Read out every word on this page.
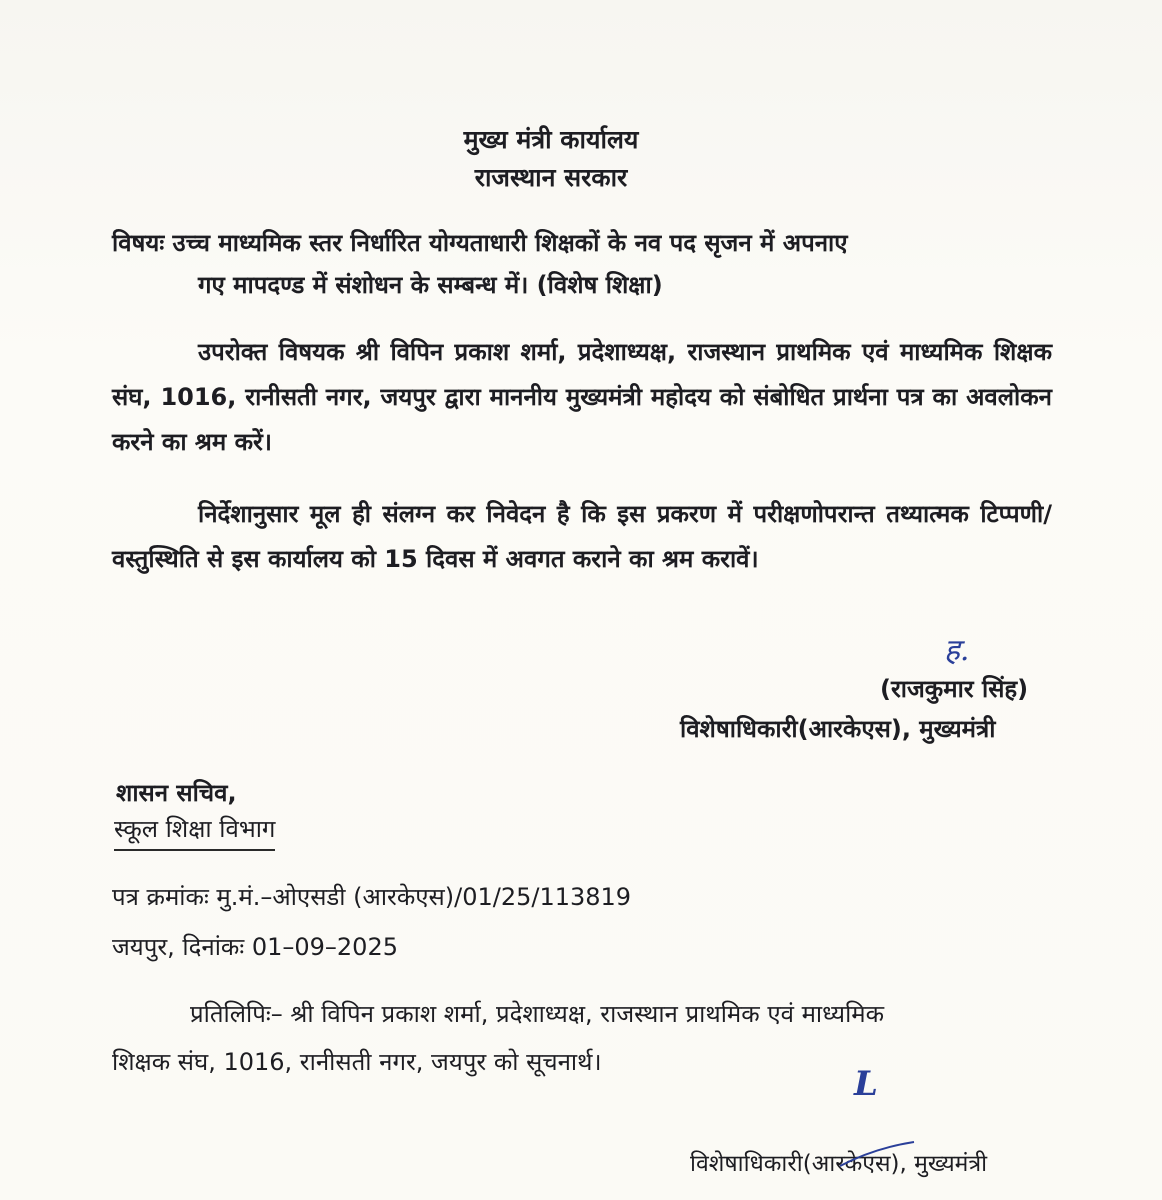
मुख्य मंत्री कार्यालय
राजस्थान सरकार
विषयः उच्च माध्यमिक स्तर निर्धारित योग्यताधारी शिक्षकों के नव पद सृजन में अपनाए
गए मापदण्ड में संशोधन के सम्बन्ध में। (विशेष शिक्षा)
उपरोक्त विषयक श्री विपिन प्रकाश शर्मा, प्रदेशाध्यक्ष, राजस्थान प्राथमिक एवं माध्यमिक शिक्षक संघ, 1016, रानीसती नगर, जयपुर द्वारा माननीय मुख्यमंत्री महोदय को संबोधित प्रार्थना पत्र का अवलोकन करने का श्रम करें।
निर्देशानुसार मूल ही संलग्न कर निवेदन है कि इस प्रकरण में परीक्षणोपरान्त तथ्यात्मक टिप्पणी/वस्तुस्थिति से इस कार्यालय को 15 दिवस में अवगत कराने का श्रम करावें।
ह.
(राजकुमार सिंह)
विशेषाधिकारी(आरकेएस), मुख्यमंत्री
शासन सचिव,
स्कूल शिक्षा विभाग
पत्र क्रमांकः मु.मं.–ओएसडी (आरकेएस)/01/25/113819
जयपुर, दिनांकः 01–09–2025
प्रतिलिपिः– श्री विपिन प्रकाश शर्मा, प्रदेशाध्यक्ष, राजस्थान प्राथमिक एवं माध्यमिक
शिक्षक संघ, 1016, रानीसती नगर, जयपुर को सूचनार्थ।
L
विशेषाधिकारी(आरकेएस), मुख्यमंत्री
